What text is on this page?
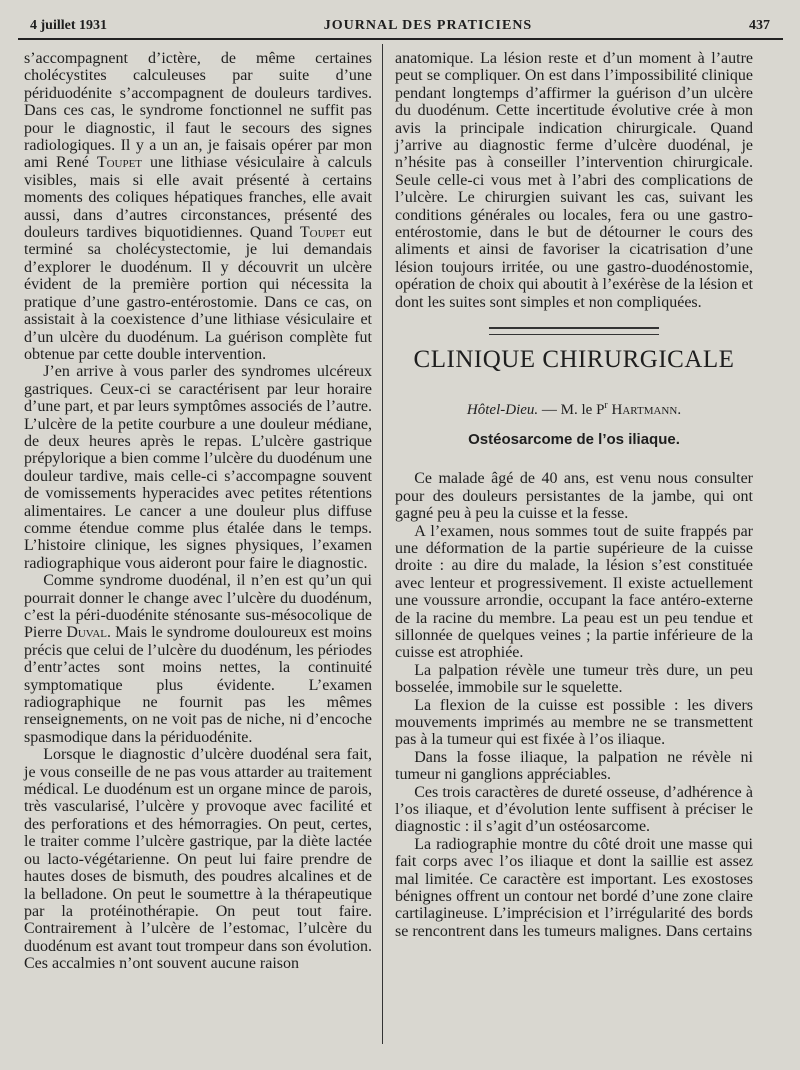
4 juillet 1931	JOURNAL DES PRATICIENS	437

s’accompagnent d’ictère, de même certaines cholécystites calculeuses par suite d’une périduodénite s’accompagnent de douleurs tardives. Dans ces cas, le syndrome fonctionnel ne suffit pas pour le diagnostic, il faut le secours des signes radiologiques. Il y a un an, je faisais opérer par mon ami René Toupet une lithiase vésiculaire à calculs visibles, mais si elle avait présenté à certains moments des coliques hépatiques franches, elle avait aussi, dans d’autres circonstances, présenté des douleurs tardives biquotidiennes. Quand Toupet eut terminé sa cholécystectomie, je lui demandais d’explorer le duodénum. Il y découvrit un ulcère évident de la première portion qui nécessita la pratique d’une gastro-entérostomie. Dans ce cas, on assistait à la coexistence d’une lithiase vésiculaire et d’un ulcère du duodénum. La guérison complète fut obtenue par cette double intervention.

J’en arrive à vous parler des syndromes ulcéreux gastriques. Ceux-ci se caractérisent par leur horaire d’une part, et par leurs symptômes associés de l’autre. L’ulcère de la petite courbure a une douleur médiane, de deux heures après le repas. L’ulcère gastrique prépylorique a bien comme l’ulcère du duodénum une douleur tardive, mais celle-ci s’accompagne souvent de vomissements hyperacides avec petites rétentions alimentaires. Le cancer a une douleur plus diffuse comme étendue comme plus étalée dans le temps. L’histoire clinique, les signes physiques, l’examen radiographique vous aideront pour faire le diagnostic.

Comme syndrome duodénal, il n’en est qu’un qui pourrait donner le change avec l’ulcère du duodénum, c’est la péri-duodénite sténosante sus-mésocolique de Pierre Duval. Mais le syndrome douloureux est moins précis que celui de l’ulcère du duodénum, les périodes d’entr’actes sont moins nettes, la continuité symptomatique plus évidente. L’examen radiographique ne fournit pas les mêmes renseignements, on ne voit pas de niche, ni d’encoche spasmodique dans la périduodénite.

Lorsque le diagnostic d’ulcère duodénal sera fait, je vous conseille de ne pas vous attarder au traitement médical. Le duodénum est un organe mince de parois, très vascularisé, l’ulcère y provoque avec facilité et des perforations et des hémorragies. On peut, certes, le traiter comme l’ulcère gastrique, par la diète lactée ou lacto-végétarienne. On peut lui faire prendre de hautes doses de bismuth, des poudres alcalines et de la belladone. On peut le soumettre à la thérapeutique par la protéinothérapie. On peut tout faire. Contrairement à l’ulcère de l’estomac, l’ulcère du duodénum est avant tout trompeur dans son évolution. Ces accalmies n’ont souvent aucune raison

anatomique. La lésion reste et d’un moment à l’autre peut se compliquer. On est dans l’impossibilité clinique pendant longtemps d’affirmer la guérison d’un ulcère du duodénum. Cette incertitude évolutive crée à mon avis la principale indication chirurgicale. Quand j’arrive au diagnostic ferme d’ulcère duodénal, je n’hésite pas à conseiller l’intervention chirurgicale. Seule celle-ci vous met à l’abri des complications de l’ulcère. Le chirurgien suivant les cas, suivant les conditions générales ou locales, fera ou une gastro-entérostomie, dans le but de détourner le cours des aliments et ainsi de favoriser la cicatrisation d’une lésion toujours irritée, ou une gastro-duodénostomie, opération de choix qui aboutit à l’exérèse de la lésion et dont les suites sont simples et non compliquées.

CLINIQUE CHIRURGICALE
Hôtel-Dieu. — M. le $P^r$ Hartmann.
Ostéosarcome de l’os iliaque.

Ce malade âgé de 40 ans, est venu nous consulter pour des douleurs persistantes de la jambe, qui ont gagné peu à peu la cuisse et la fesse.

A l’examen, nous sommes tout de suite frappés par une déformation de la partie supérieure de la cuisse droite : au dire du malade, la lésion s’est constituée avec lenteur et progressivement. Il existe actuellement une voussure arrondie, occupant la face antéro-externe de la racine du membre. La peau est un peu tendue et sillonnée de quelques veines ; la partie inférieure de la cuisse est atrophiée.

La palpation révèle une tumeur très dure, un peu bosselée, immobile sur le squelette.

La flexion de la cuisse est possible : les divers mouvements imprimés au membre ne se transmettent pas à la tumeur qui est fixée à l’os iliaque.

Dans la fosse iliaque, la palpation ne révèle ni tumeur ni ganglions appréciables.

Ces trois caractères de dureté osseuse, d’adhérence à l’os iliaque, et d’évolution lente suffisent à préciser le diagnostic : il s’agit d’un ostéosarcome.

La radiographie montre du côté droit une masse qui fait corps avec l’os iliaque et dont la saillie est assez mal limitée. Ce caractère est important. Les exostoses bénignes offrent un contour net bordé d’une zone claire cartilagineuse. L’imprécision et l’irrégularité des bords se rencontrent dans les tumeurs malignes. Dans certains
